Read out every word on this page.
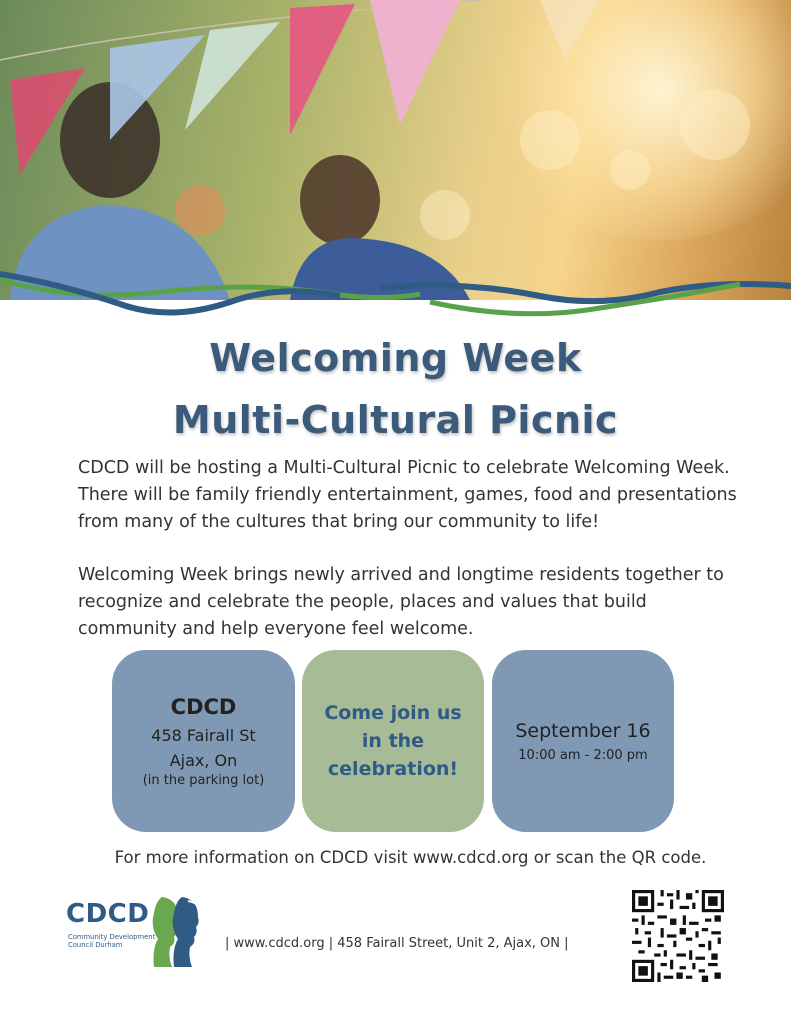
Welcoming Week
Multi-Cultural Picnic
CDCD will be hosting a Multi-Cultural Picnic to celebrate Welcoming Week. There will be family friendly entertainment, games, food and presentations from many of the cultures that bring our community to life!
Welcoming Week brings newly arrived and longtime residents together to recognize and celebrate the people, places and values that build community and help everyone feel welcome.
CDCD
458 Fairall St
Ajax, On
(in the parking lot)
Come join us in the celebration!
September 16
10:00 am - 2:00 pm
For more information on CDCD visit www.cdcd.org or scan the QR code.
CDCD
Community Development Council Durham	| www.cdcd.org | 458 Fairall Street, Unit 2, Ajax, ON |
